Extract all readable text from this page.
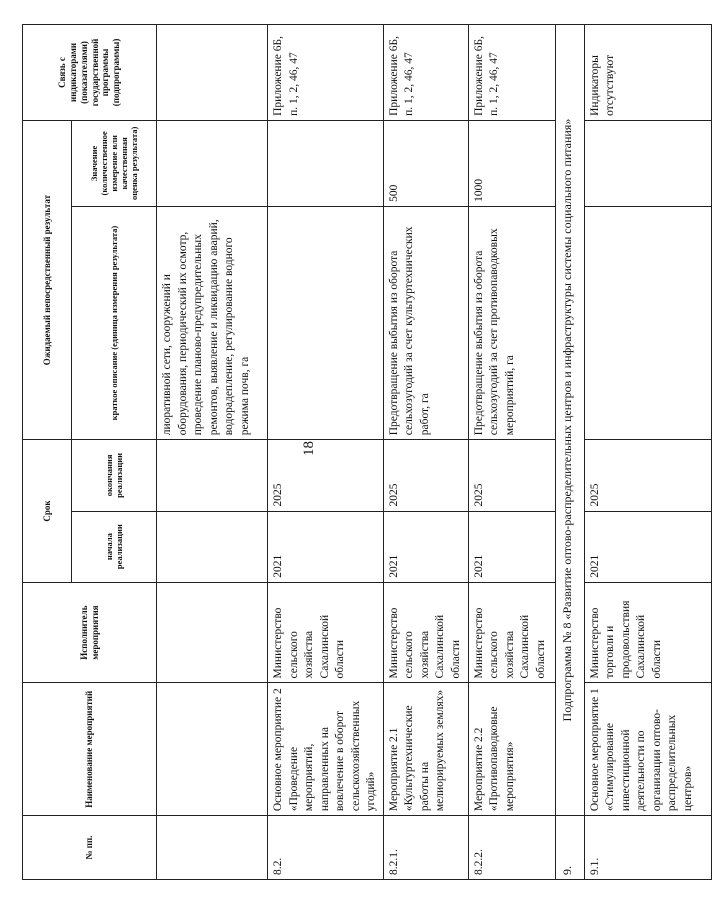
18
№ пп.	Наименование мероприятий	Исполнитель мероприятия	Срок		Ожидаемый непосредственный результат		Связь с индикаторами (показателями) государственной программы (подпрограммы)
			начала реализации	окончания реализации	краткое описание (единица измерения результата)	Значение (количественное измерение или качественная оценка результата)	
					лиоративной сети, сооружений и оборудования, периодический их осмотр, проведение планово-предупредительных ремонтов, выявление и ликвидацию аварий, водорадепление, регулирование водного режима почв, га		
8.2.	Основное мероприятие 2 «Проведение мероприятий, направленных на вовлечение в оборот сельскохозяйственных угодий»	Министерство сельского хозяйства Сахалинской области	2021	2025			Приложение 6Б, п. 1, 2, 46, 47
8.2.1.	Мероприятие 2.1 «Культуртехнические работы на мелиорируемых землях»	Министерство сельского хозяйства Сахалинской области	2021	2025	Предотвращение выбытия из оборота сельхозугодий за счет культуртехнических работ, га	500	Приложение 6Б, п. 1, 2, 46, 47
8.2.2.	Мероприятие 2.2 «Противопаводковые мероприятия»	Министерство сельского хозяйства Сахалинской области	2021	2025	Предотвращение выбытия из оборота сельхозугодий за счет противопаводковых мероприятий, га	1000	Приложение 6Б, п. 1, 2, 46, 47
9.	Подпрограмма № 8 «Развитие оптово-распределительных центров и инфраструктуры системы социального питания»						
9.1.	Основное мероприятие 1 «Стимулирование инвестиционной деятельности по организации оптово-распределительных центров»	Министерство торговли и продовольствия Сахалинской области	2021	2025			Индикаторы отсутствуют
